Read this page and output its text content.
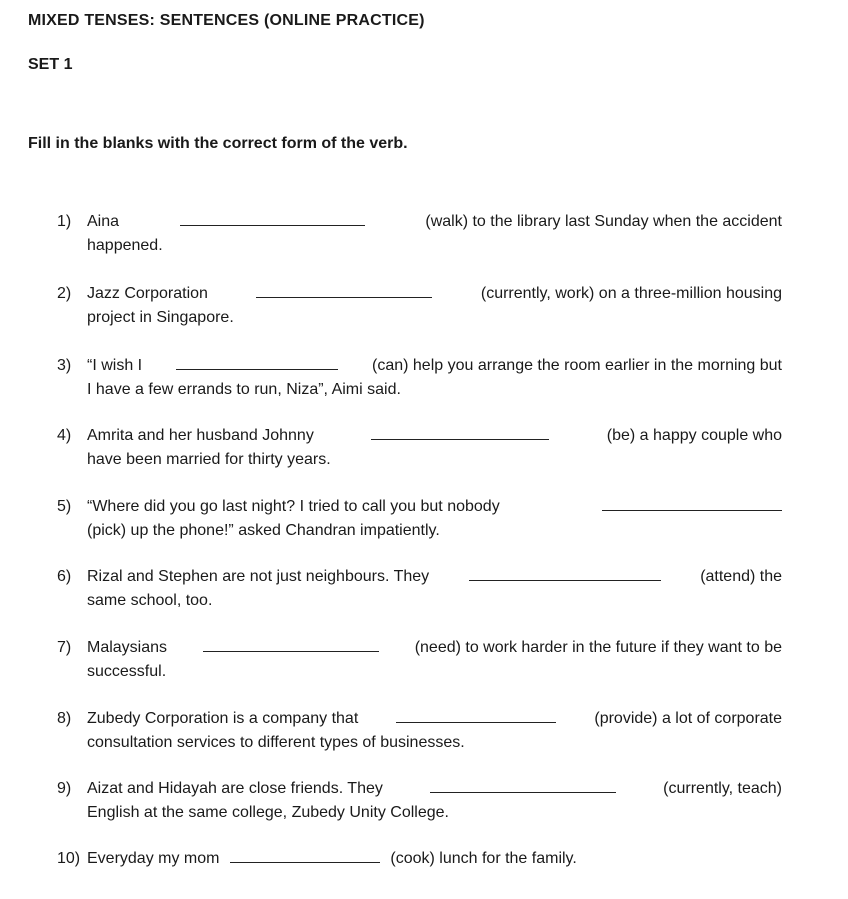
MIXED TENSES: SENTENCES (ONLINE PRACTICE)
SET 1
Fill in the blanks with the correct form of the verb.
1) Aina	(walk) to the library last Sunday when the accident
happened.
2) Jazz Corporation	(currently, work) on a three-million housing
project in Singapore.
3) “I wish I	(can) help you arrange the room earlier in the morning but
I have a few errands to run, Niza”, Aimi said.
4) Amrita and her husband Johnny	(be) a happy couple who
have been married for thirty years.
5) “Where did you go last night? I tried to call you but nobody
(pick) up the phone!” asked Chandran impatiently.
6) Rizal and Stephen are not just neighbours. They	(attend) the
same school, too.
7) Malaysians	(need) to work harder in the future if they want to be
successful.
8) Zubedy Corporation is a company that	(provide) a lot of corporate
consultation services to different types of businesses.
9) Aizat and Hidayah are close friends. They	(currently, teach)
English at the same college, Zubedy Unity College.
10) Everyday my mom	(cook) lunch for the family.
